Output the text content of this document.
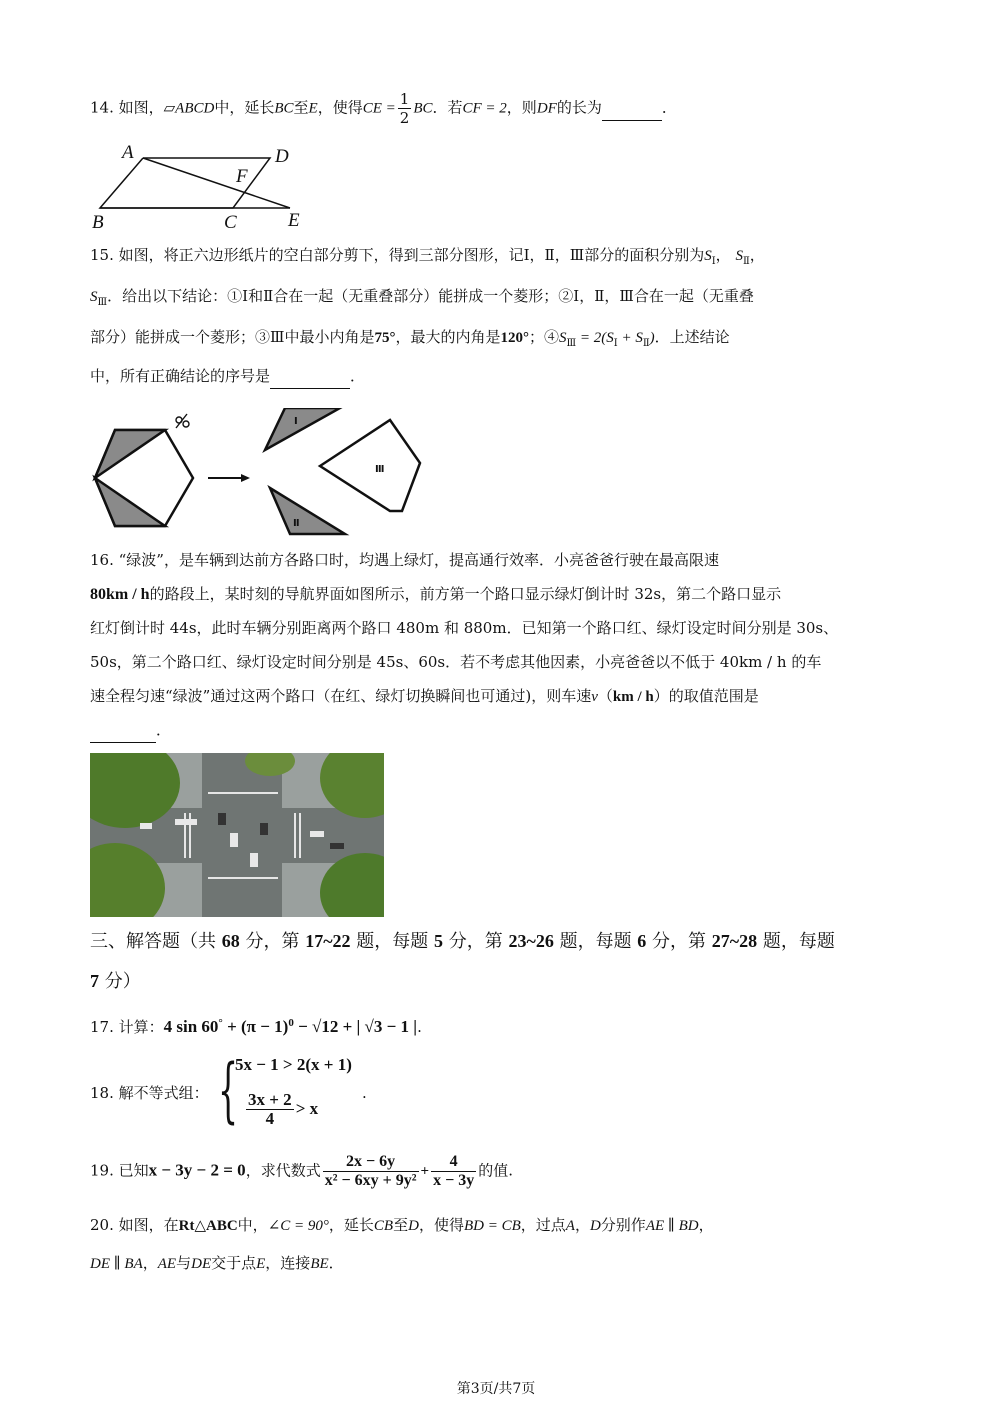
14. 如图，▱ABCD中，延长BC至E，使得CE = $\frac{1}{2}$ BC．若CF = 2，则DF的长为	．
A	D
F
B	C	E
15. 如图，将正六边形纸片的空白部分剪下，得到三部分图形，记Ⅰ，Ⅱ，Ⅲ部分的面积分别为$S_Ⅰ$， $S_Ⅱ$，
$S_Ⅲ$．给出以下结论：①Ⅰ和Ⅱ合在一起（无重叠部分）能拼成一个菱形；②Ⅰ，Ⅱ，Ⅲ合在一起（无重叠
部分）能拼成一个菱形；③Ⅲ中最小内角是75°，最大的内角是120°；$④S_Ⅲ = 2(S_Ⅰ + S_Ⅱ)$．上述结论
中，所有正确结论的序号是	．
Ⅰ
Ⅱ
Ⅲ
16. “绿波”，是车辆到达前方各路口时，均遇上绿灯，提高通行效率．小亮爸爸行驶在最高限速
80km / h的路段上，某时刻的导航界面如图所示，前方第一个路口显示绿灯倒计时 32s，第二个路口显示
红灯倒计时 44s，此时车辆分别距离两个路口 480m 和 880m．已知第一个路口红、绿灯设定时间分别是 30s、
50s，第二个路口红、绿灯设定时间分别是 45s、60s．若不考虑其他因素，小亮爸爸以不低于 40km / h 的车
速全程匀速“绿波”通过这两个路口（在红、绿灯切换瞬间也可通过)，则车速v（km / h）的取值范围是
．
三、解答题（共 68 分，第 17~22 题，每题 5 分，第 23~26 题，每题 6 分，第 27~28 题，每题
7 分）
17. 计算：4 $\sin 60^\circ + (\pi - 1)^0 - √12$ + | √3 − 1 |.
18. 解不等式组： {
5x − 1 > 2(x + 1)
$\frac{3x + 2}{4} > x$
.
19. 已知x − 3y − 2 = 0，求代数式 $\frac{2x - 6y}{\text{x² − 6xy + 9y²}} + \frac{4}{x - 3y}$ 的值.
20. 如图，在Rt△ABC中，∠C = 90°，延长CB至D，使得BD = CB，过点A，D分别作AE ∥ BD，
DE ∥ BA，AE与DE交于点E，连接BE．
第3页/共7页
